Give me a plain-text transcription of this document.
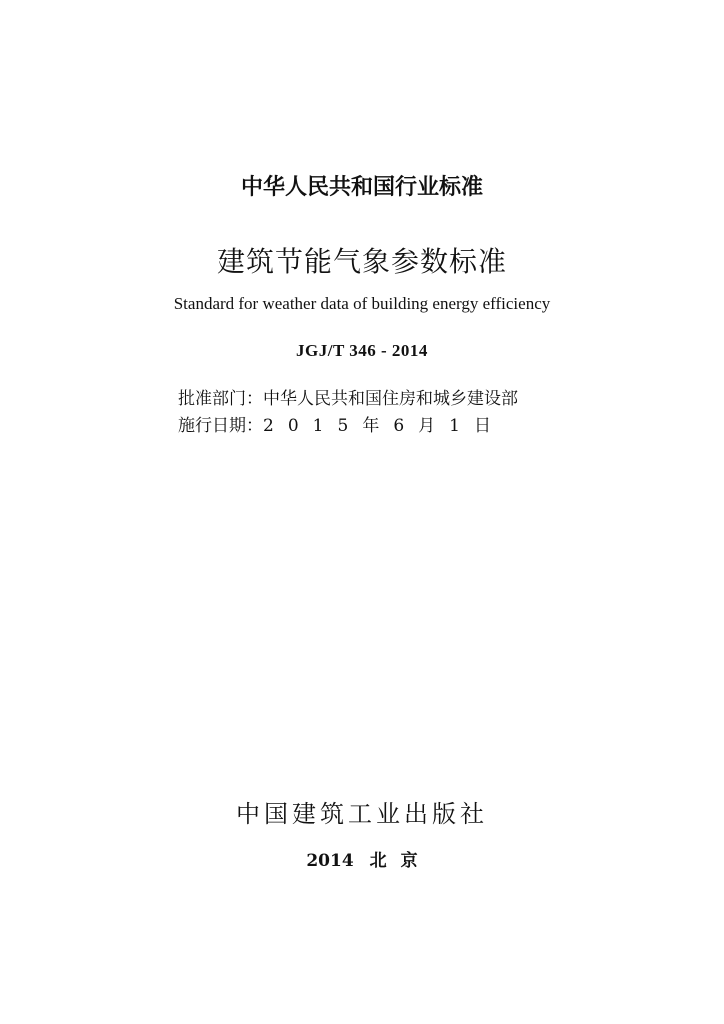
中华人民共和国行业标准
建筑节能气象参数标准
Standard for weather data of building energy efficiency
JGJ/T 346 - 2014
批准部门：中华人民共和国住房和城乡建设部
施行日期：2 0 1 5 年 6 月 1 日
中国建筑工业出版社
2014 北 京
